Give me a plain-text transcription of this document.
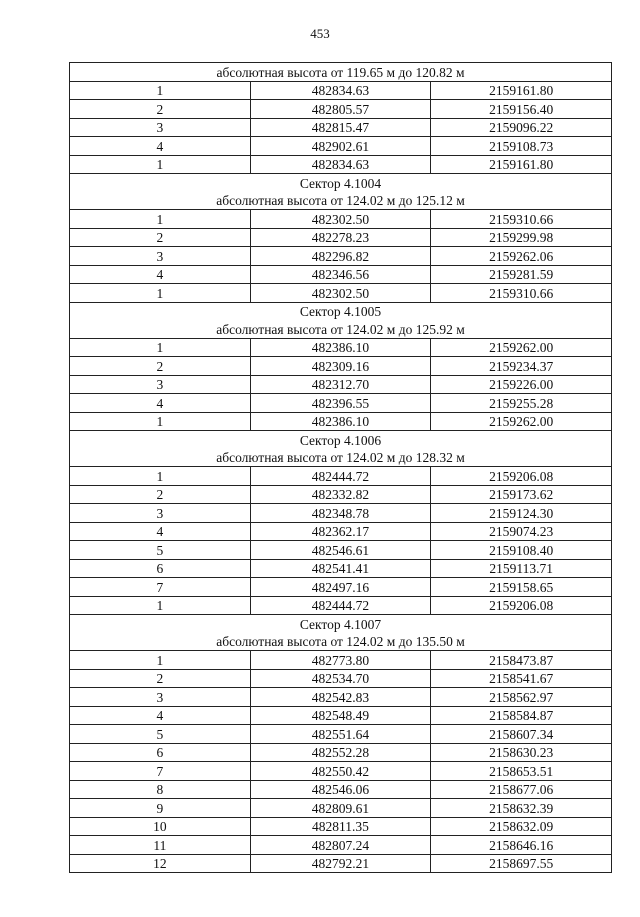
453
абсолютная высота от 119.65 м до 120.82 м		
1	482834.63	2159161.80
2	482805.57	2159156.40
3	482815.47	2159096.22
4	482902.61	2159108.73
1	482834.63	2159161.80
Сектор 4.1004		
абсолютная высота от 124.02 м до 125.12 м		
1	482302.50	2159310.66
2	482278.23	2159299.98
3	482296.82	2159262.06
4	482346.56	2159281.59
1	482302.50	2159310.66
Сектор 4.1005		
абсолютная высота от 124.02 м до 125.92 м		
1	482386.10	2159262.00
2	482309.16	2159234.37
3	482312.70	2159226.00
4	482396.55	2159255.28
1	482386.10	2159262.00
Сектор 4.1006		
абсолютная высота от 124.02 м до 128.32 м		
1	482444.72	2159206.08
2	482332.82	2159173.62
3	482348.78	2159124.30
4	482362.17	2159074.23
5	482546.61	2159108.40
6	482541.41	2159113.71
7	482497.16	2159158.65
1	482444.72	2159206.08
Сектор 4.1007		
абсолютная высота от 124.02 м до 135.50 м		
1	482773.80	2158473.87
2	482534.70	2158541.67
3	482542.83	2158562.97
4	482548.49	2158584.87
5	482551.64	2158607.34
6	482552.28	2158630.23
7	482550.42	2158653.51
8	482546.06	2158677.06
9	482809.61	2158632.39
10	482811.35	2158632.09
11	482807.24	2158646.16
12	482792.21	2158697.55
